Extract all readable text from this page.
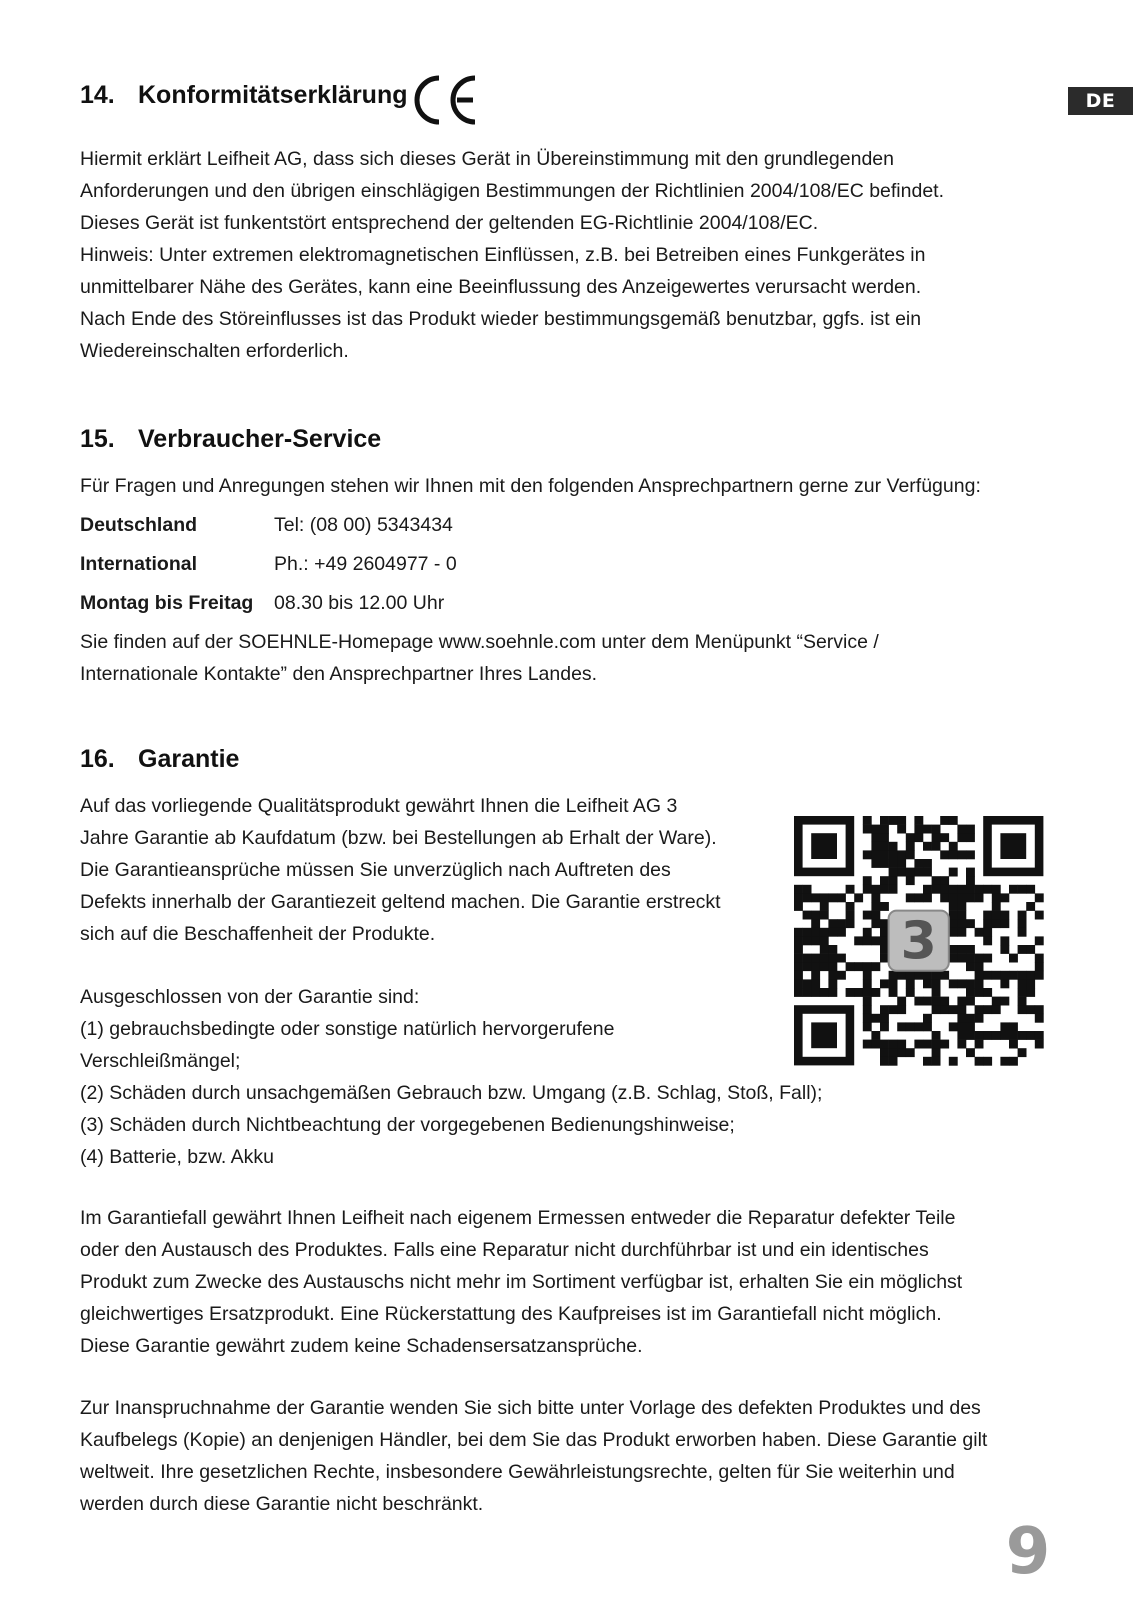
DE
14. Konformitätserklärung

Hiermit erklärt Leifheit AG, dass sich dieses Gerät in Übereinstimmung mit den grundlegenden
Anforderungen und den übrigen einschlägigen Bestimmungen der Richtlinien 2004/108/EC befindet.
Dieses Gerät ist funkentstört entsprechend der geltenden EG-Richtlinie 2004/108/EC.
Hinweis: Unter extremen elektromagnetischen Einflüssen, z.B. bei Betreiben eines Funkgerätes in
unmittelbarer Nähe des Gerätes, kann eine Beeinflussung des Anzeigewertes verursacht werden.
Nach Ende des Störeinflusses ist das Produkt wieder bestimmungsgemäß benutzbar, ggfs. ist ein
Wiedereinschalten erforderlich.

15. Verbraucher-Service

Für Fragen und Anregungen stehen wir Ihnen mit den folgenden Ansprechpartnern gerne zur Verfügung:

Deutschland	Tel: (08 00) 5343434
International	Ph.: +49 2604977 - 0
Montag bis Freitag 08.30 bis 12.00 Uhr

Sie finden auf der SOEHNLE-Homepage www.soehnle.com unter dem Menüpunkt “Service /
Internationale Kontakte” den Ansprechpartner Ihres Landes.

16. Garantie

Auf das vorliegende Qualitätsprodukt gewährt Ihnen die Leifheit AG 3
Jahre Garantie ab Kaufdatum (bzw. bei Bestellungen ab Erhalt der Ware).
Die Garantieansprüche müssen Sie unverzüglich nach Auftreten des
Defekts innerhalb der Garantiezeit geltend machen. Die Garantie erstreckt
sich auf die Beschaffenheit der Produkte.

Ausgeschlossen von der Garantie sind:
(1) gebrauchsbedingte oder sonstige natürlich hervorgerufene
Verschleißmängel;
(2) Schäden durch unsachgemäßen Gebrauch bzw. Umgang (z.B. Schlag, Stoß, Fall);
(3) Schäden durch Nichtbeachtung der vorgegebenen Bedienungshinweise;
(4) Batterie, bzw. Akku

Im Garantiefall gewährt Ihnen Leifheit nach eigenem Ermessen entweder die Reparatur defekter Teile
oder den Austausch des Produktes. Falls eine Reparatur nicht durchführbar ist und ein identisches
Produkt zum Zwecke des Austauschs nicht mehr im Sortiment verfügbar ist, erhalten Sie ein möglichst
gleichwertiges Ersatzprodukt. Eine Rückerstattung des Kaufpreises ist im Garantiefall nicht möglich.
Diese Garantie gewährt zudem keine Schadensersatzansprüche.

Zur Inanspruchnahme der Garantie wenden Sie sich bitte unter Vorlage des defekten Produktes und des
Kaufbelegs (Kopie) an denjenigen Händler, bei dem Sie das Produkt erworben haben. Diese Garantie gilt
weltweit. Ihre gesetzlichen Rechte, insbesondere Gewährleistungsrechte, gelten für Sie weiterhin und
werden durch diese Garantie nicht beschränkt.

3
9
